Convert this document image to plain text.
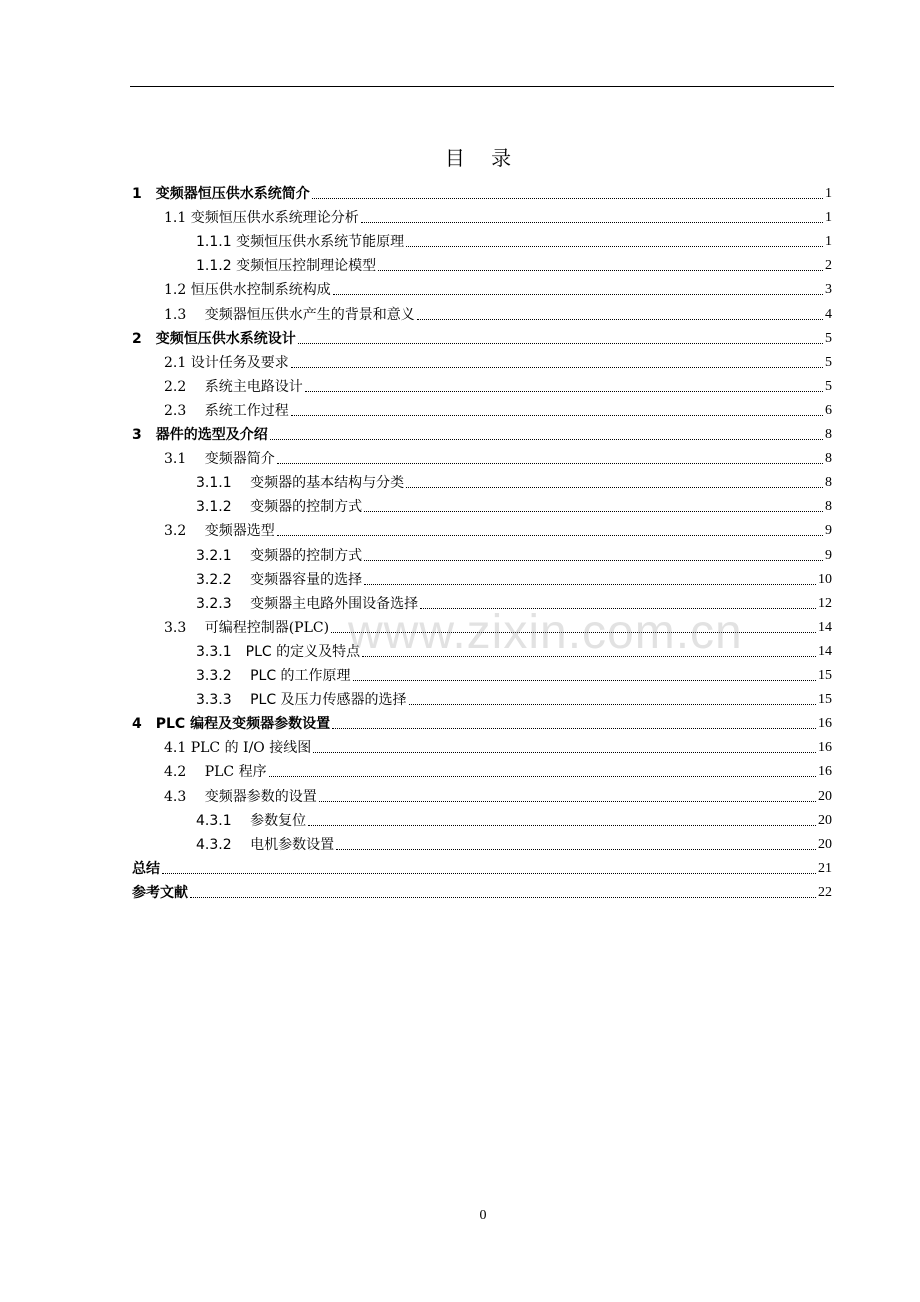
目 录
1　变频器恒压供水系统简介	1
1.1 变频恒压供水系统理论分析	1
1.1.1 变频恒压供水系统节能原理	1
1.1.2 变频恒压控制理论模型	2
1.2 恒压供水控制系统构成	3
1.3　 变频器恒压供水产生的背景和意义	4
2　变频恒压供水系统设计	5
2.1 设计任务及要求	5
2.2　 系统主电路设计	5
2.3　 系统工作过程	6
3　器件的选型及介绍	8
3.1　 变频器简介	8
3.1.1　 变频器的基本结构与分类	8
3.1.2　 变频器的控制方式	8
3.2　 变频器选型	9
3.2.1　 变频器的控制方式	9
3.2.2　 变频器容量的选择	10
3.2.3　 变频器主电路外围设备选择	12
3.3　 可编程控制器(PLC)	14
3.3.1　PLC 的定义及特点	14
3.3.2　 PLC 的工作原理	15
3.3.3　 PLC 及压力传感器的选择	15
4　PLC 编程及变频器参数设置	16
4.1 PLC 的 I/O 接线图	16
4.2　 PLC 程序	16
4.3　 变频器参数的设置	20
4.3.1　 参数复位	20
4.3.2　 电机参数设置	20
总结	21
参考文献	22
www.zixin.com.cn
0
